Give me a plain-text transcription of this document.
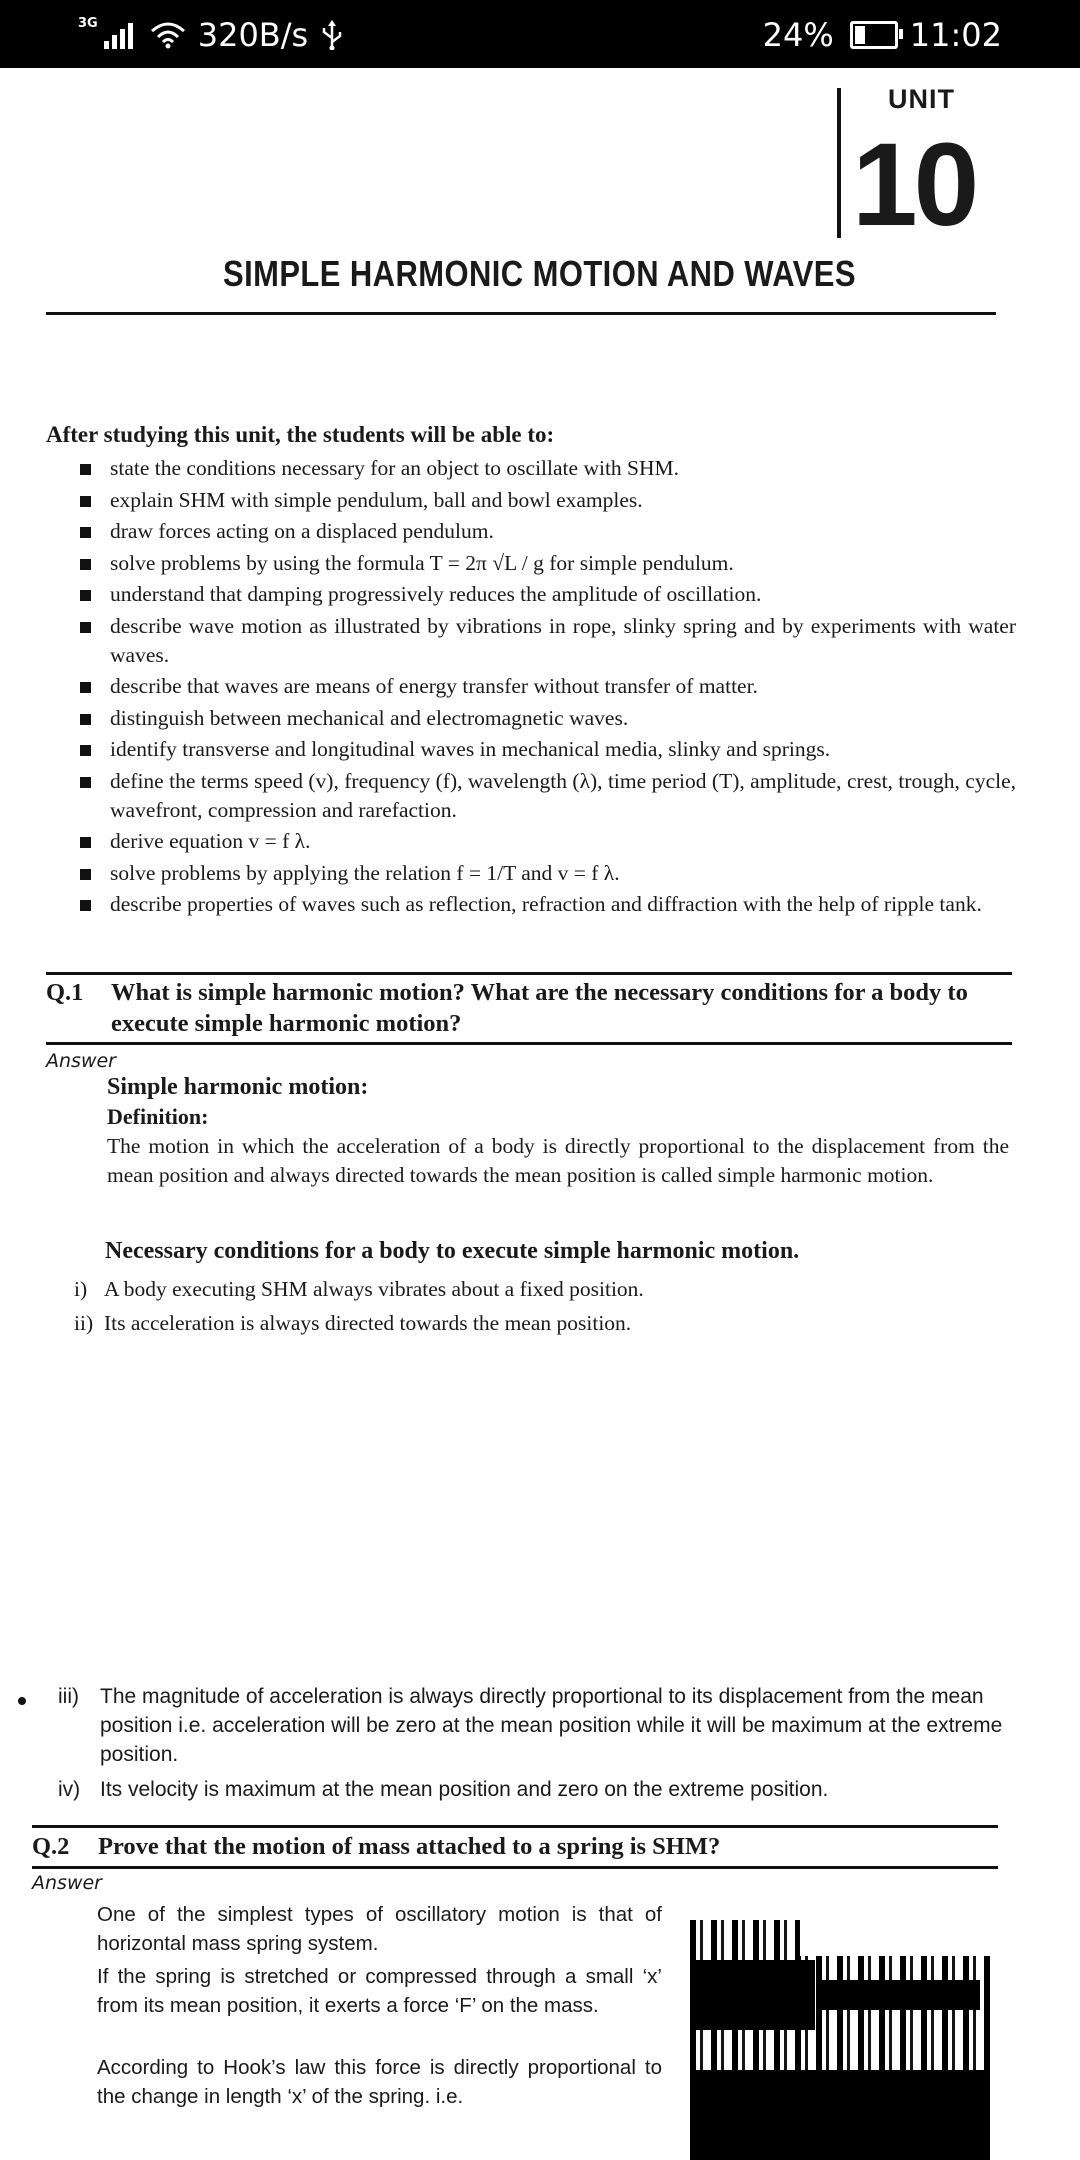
3G	320B/s	24% 11:02
UNIT
10
SIMPLE HARMONIC MOTION AND WAVES

After studying this unit, the students will be able to:

state the conditions necessary for an object to oscillate with SHM.
explain SHM with simple pendulum, ball and bowl examples.
draw forces acting on a displaced pendulum.
solve problems by using the formula T = 2π √L / g for simple pendulum.
understand that damping progressively reduces the amplitude of oscillation.
describe wave motion as illustrated by vibrations in rope, slinky spring and by experiments with water waves.
describe that waves are means of energy transfer without transfer of matter.
distinguish between mechanical and electromagnetic waves.
identify transverse and longitudinal waves in mechanical media, slinky and springs.
define the terms speed (v), frequency (f), wavelength (λ), time period (T), amplitude, crest, trough, cycle, wavefront, compression and rarefaction.
derive equation v = f λ.
solve problems by applying the relation f = 1/T and v = f λ.
describe properties of waves such as reflection, refraction and diffraction with the help of ripple tank.
Q.1 What is simple harmonic motion? What are the necessary conditions for a body to execute simple harmonic motion?
Answer
Simple harmonic motion:
Definition:
The motion in which the acceleration of a body is directly proportional to the displacement from the mean position and always directed towards the mean position is called simple harmonic motion.
Necessary conditions for a body to execute simple harmonic motion.
i) A body executing SHM always vibrates about a fixed position.
ii) Its acceleration is always directed towards the mean position.
iii) The magnitude of acceleration is always directly proportional to its displacement from the mean position i.e. acceleration will be zero at the mean position while it will be maximum at the extreme position.
iv) Its velocity is maximum at the mean position and zero on the extreme position.
Q.2 Prove that the motion of mass attached to a spring is SHM?
Answer
One of the simplest types of oscillatory motion is that of horizontal mass spring system.
If the spring is stretched or compressed through a small ‘x’ from its mean position, it exerts a force ‘F’ on the mass.
According to Hook’s law this force is directly proportional to the change in length ‘x’ of the spring. i.e.
